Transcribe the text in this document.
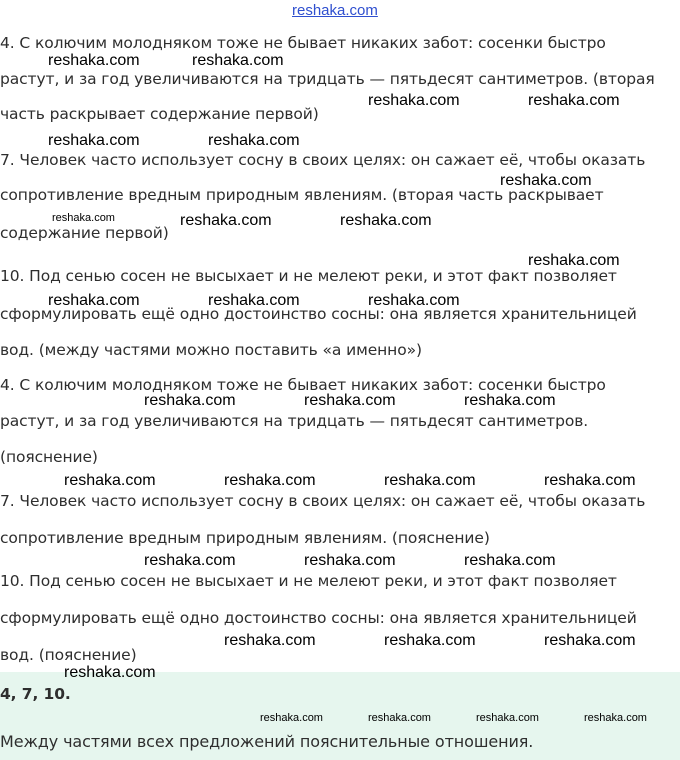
reshaka.com
4. С колючим молодняком тоже не бывает никаких забот: сосенки быстро
растут, и за год увеличиваются на тридцать — пятьдесят сантиметров. (вторая
часть раскрывает содержание первой)
7. Человек часто использует сосну в своих целях: он сажает её, чтобы оказать
сопротивление вредным природным явлениям. (вторая часть раскрывает
содержание первой)
10. Под сенью сосен не высыхает и не мелеют реки, и этот факт позволяет
сформулировать ещё одно достоинство сосны: она является хранительницей
вод. (между частями можно поставить «а именно»)
4. С колючим молодняком тоже не бывает никаких забот: сосенки быстро
растут, и за год увеличиваются на тридцать — пятьдесят сантиметров.
(пояснение)
7. Человек часто использует сосну в своих целях: он сажает её, чтобы оказать
сопротивление вредным природным явлениям. (пояснение)
10. Под сенью сосен не высыхает и не мелеют реки, и этот факт позволяет
сформулировать ещё одно достоинство сосны: она является хранительницей
вод. (пояснение)
4, 7, 10.
Между частями всех предложений пояснительные отношения.
reshaka.com	reshaka.com
reshaka.com	reshaka.com
reshaka.com	reshaka.com
reshaka.com
reshaka.com	reshaka.com	reshaka.com
reshaka.com
reshaka.com	reshaka.com	reshaka.com
reshaka.com	reshaka.com	reshaka.com
reshaka.com	reshaka.com	reshaka.com	reshaka.com
reshaka.com	reshaka.com	reshaka.com
reshaka.com	reshaka.com	reshaka.com
reshaka.com
reshaka.com	reshaka.com	reshaka.com	reshaka.com
